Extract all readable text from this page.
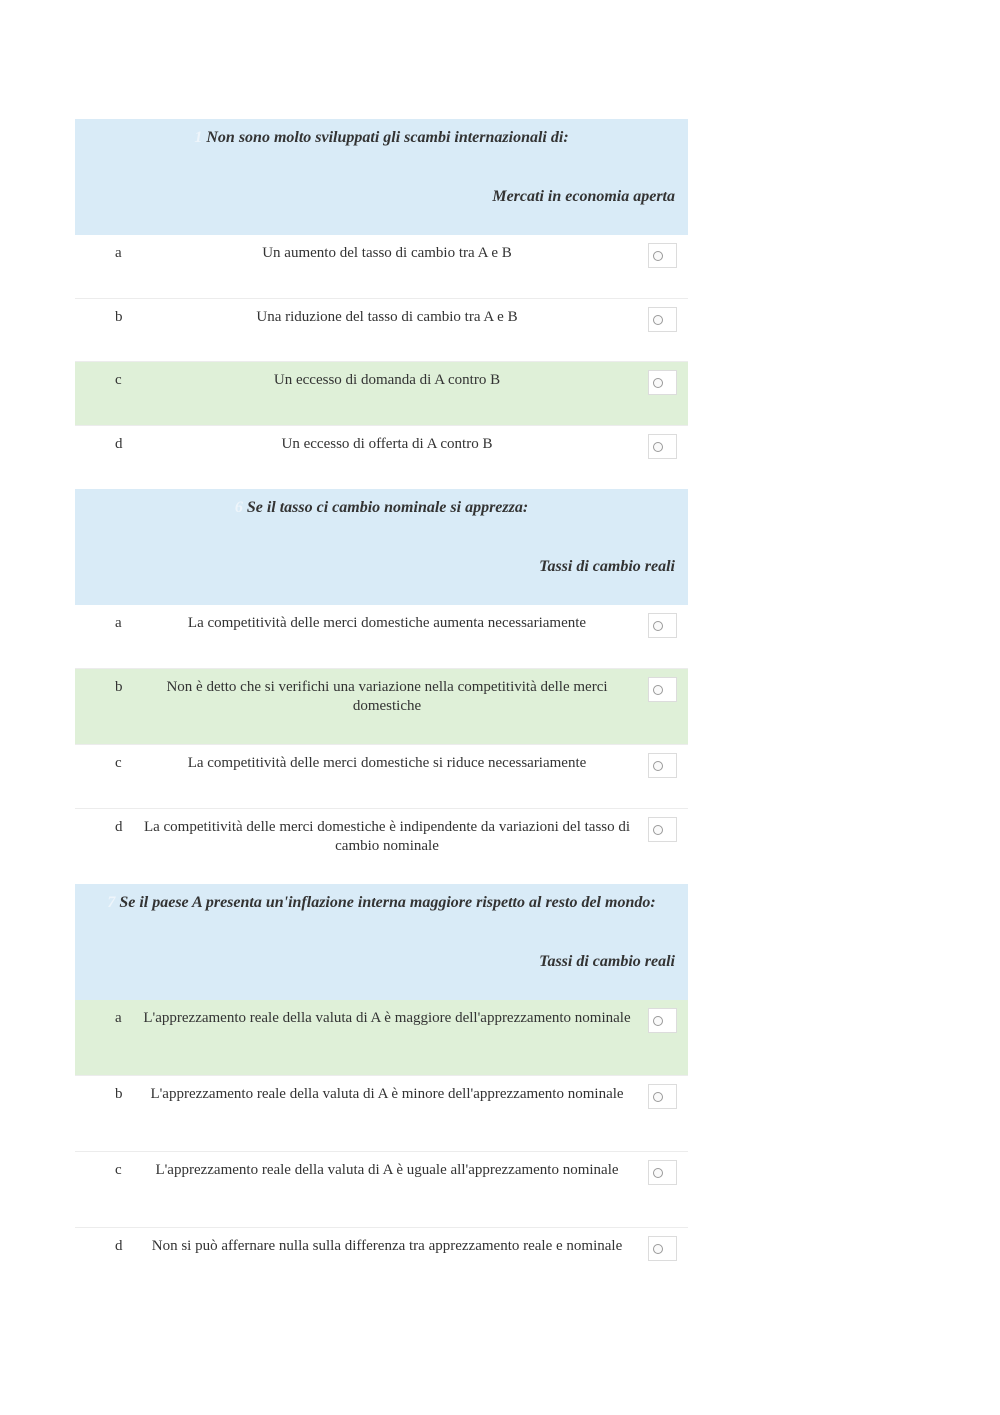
1 Non sono molto sviluppati gli scambi internazionali di:
Mercati in economia aperta
a	Un aumento del tasso di cambio tra A e B
b	Una riduzione del tasso di cambio tra A e B
c	Un eccesso di domanda di A contro B
d	Un eccesso di offerta di A contro B
6 Se il tasso ci cambio nominale si apprezza:
Tassi di cambio reali
a	La competitività delle merci domestiche aumenta necessariamente
b	Non è detto che si verifichi una variazione nella competitività delle merci domestiche
c	La competitività delle merci domestiche si riduce necessariamente
d	La competitività delle merci domestiche è indipendente da variazioni del tasso di cambio nominale
7 Se il paese A presenta un'inflazione interna maggiore rispetto al resto del mondo:
Tassi di cambio reali
a	L'apprezzamento reale della valuta di A è maggiore dell'apprezzamento nominale
b	L'apprezzamento reale della valuta di A è minore dell'apprezzamento nominale
c	L'apprezzamento reale della valuta di A è uguale all'apprezzamento nominale
d	Non si può affernare nulla sulla differenza tra apprezzamento reale e nominale
